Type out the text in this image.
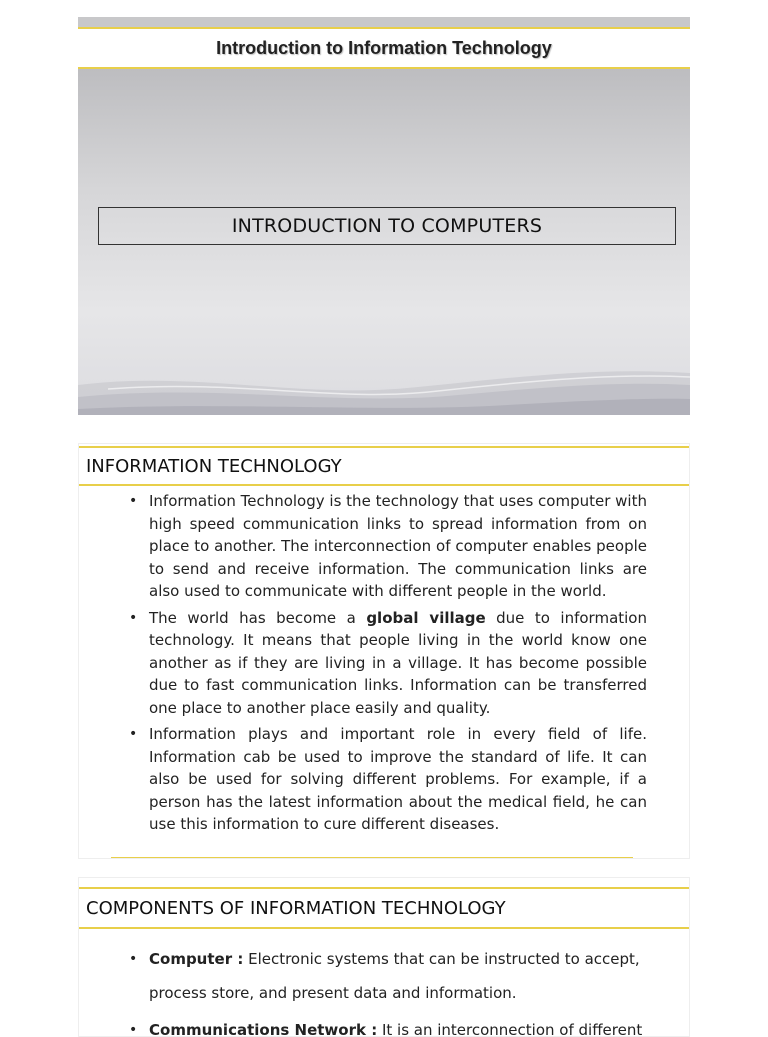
Introduction to Information Technology
INTRODUCTION TO COMPUTERS
INFORMATION TECHNOLOGY
• Information Technology is the technology that uses computer with high speed communication links to spread information from on place to another. The interconnection of computer enables people to send and receive information. The communication links are also used to communicate with different people in the world.
• The world has become a global village due to information technology. It means that people living in the world know one another as if they are living in a village. It has become possible due to fast communication links. Information can be transferred one place to another place easily and quality.
• Information plays and important role in every field of life. Information cab be used to improve the standard of life. It can also be used for solving different problems. For example, if a person has the latest information about the medical field, he can use this information to cure different diseases.
COMPONENTS OF INFORMATION TECHNOLOGY
• Computer : Electronic systems that can be instructed to accept, process store, and present data and information.
• Communications Network : It is an interconnection of different
